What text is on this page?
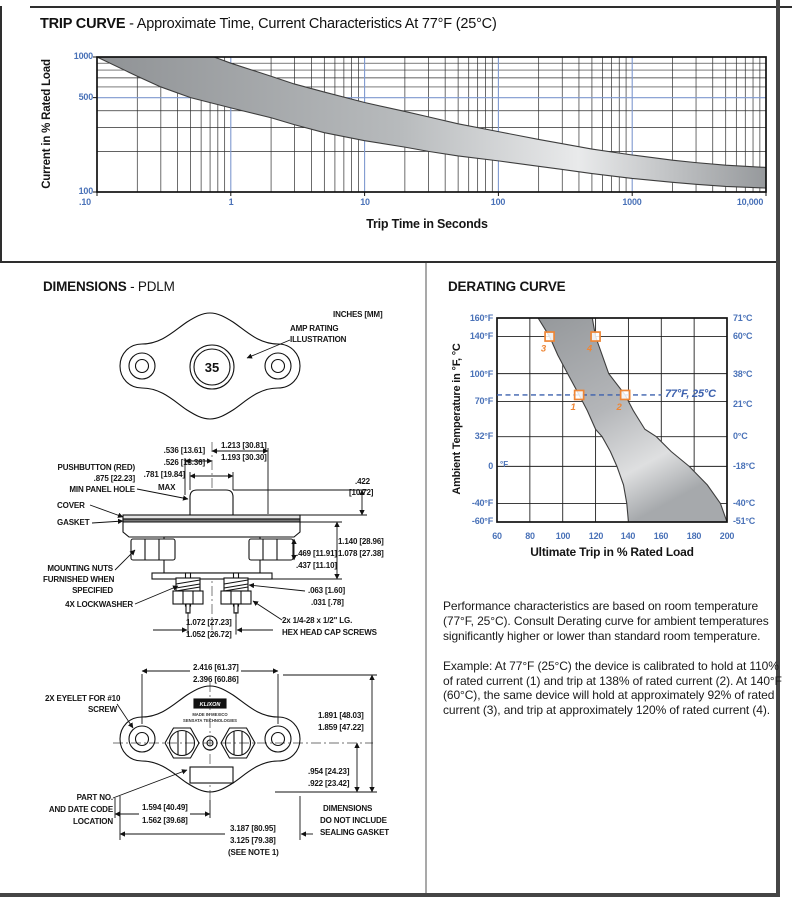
TRIP CURVE - Approximate Time, Current Characteristics At 77°F (25°C)
1000
500
100
.10	1	10	100	1000	10,000
Current in % Rated Load
Trip Time in Seconds
DIMENSIONS - PDLM	DERATING CURVE
KLIXON
MADE IN MEXICO
SENSATA TECHNOLOGIES
35
INCHES [MM]
AMP RATING
ILLUSTRATION
.536 [13.61]
1.213 [30.81]
1.193 [30.30]
.526 [13.36]
PUSHBUTTON (RED)
.875 [22.23]
MIN PANEL HOLE
.781 [19.84]
MAX
.422
[10.72]
COVER
GASKET
1.140 [28.96]
.469 [11.91] 1.078 [27.38]
.437 [11.10]
MOUNTING NUTS
FURNISHED WHEN
SPECIFIED
4X LOCKWASHER
.063 [1.60]
.031 [.78]
1.072 [27.23]
1.052 [26.72]
2x 1/4-28 x 1/2" LG.
HEX HEAD CAP SCREWS
2.416 [61.37]
2.396 [60.86]
2X EYELET FOR #10
SCREW
1.891 [48.03]
1.859 [47.22]
.954 [24.23]
.922 [23.42]
PART NO.
AND DATE CODE
LOCATION
1.594 [40.49]
1.562 [39.68]
3.187 [80.95]
3.125 [79.38]
(SEE NOTE 1)
DIMENSIONS
DO NOT INCLUDE
SEALING GASKET
1	2
3	4
160°F
140°F
100°F
70°F
32°F
0
-40°F
-60°F
°F
71°C
60°C
38°C
21°C
0°C
-18°C
-40°C
-51°C
60	80	100	120	140	160	180	200
77°F, 25°C
Ambient Temperature in °F, °C
Ultimate Trip in % Rated Load

Performance characteristics are based on room temperature (77°F, 25°C). Consult Derating curve for ambient temperatures significantly higher or lower than standard room temperature.

Example: At 77°F (25°C) the device is calibrated to hold at 110% of rated current (1) and trip at 138% of rated current (2). At 140°F (60°C), the same device will hold at approximately 92% of rated current (3), and trip at approximately 120% of rated current (4).
